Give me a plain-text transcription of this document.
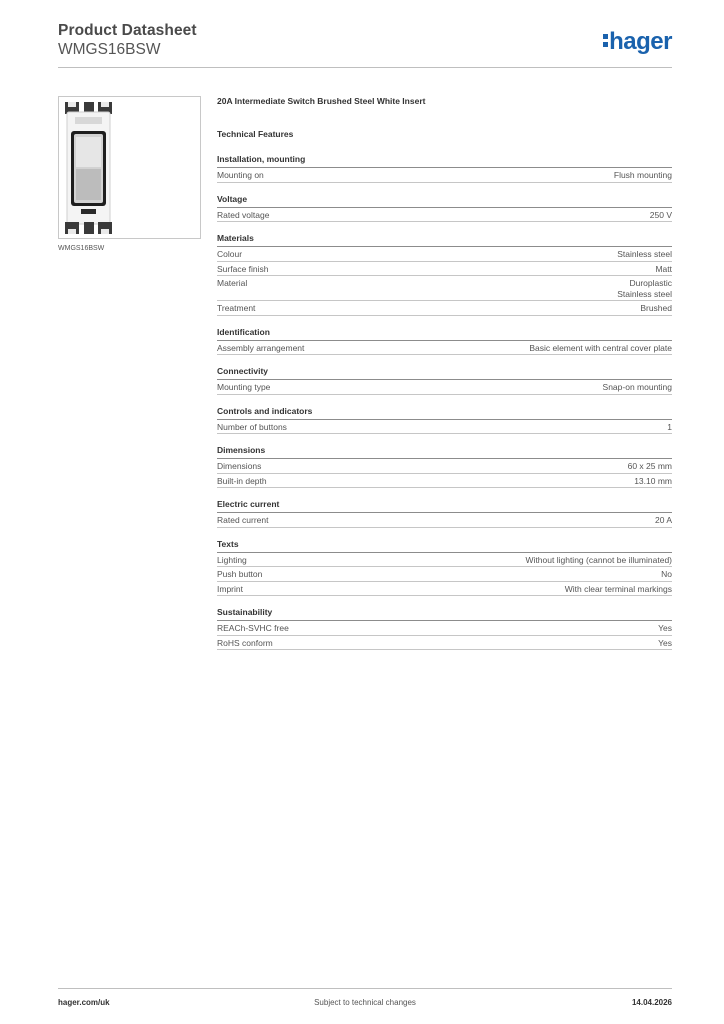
Product Datasheet
WMGS16BSW	hager
WMGS16BSW
20A Intermediate Switch Brushed Steel White Insert
Technical Features
Installation, mounting
Mounting on	Flush mounting
Voltage
Rated voltage	250 V
Materials
Colour	Stainless steel
Surface finish	Matt
Material	Duroplastic
Stainless steel
Treatment	Brushed
Identification
Assembly arrangement	Basic element with central cover plate
Connectivity
Mounting type	Snap-on mounting
Controls and indicators
Number of buttons	1
Dimensions
Dimensions	60 x 25 mm
Built-in depth	13.10 mm
Electric current
Rated current	20 A
Texts
Lighting	Without lighting (cannot be illuminated)
Push button	No
Imprint	With clear terminal markings
Sustainability
REACh-SVHC free	Yes
RoHS conform	Yes
hager.com/uk	Subject to technical changes	14.04.2026
